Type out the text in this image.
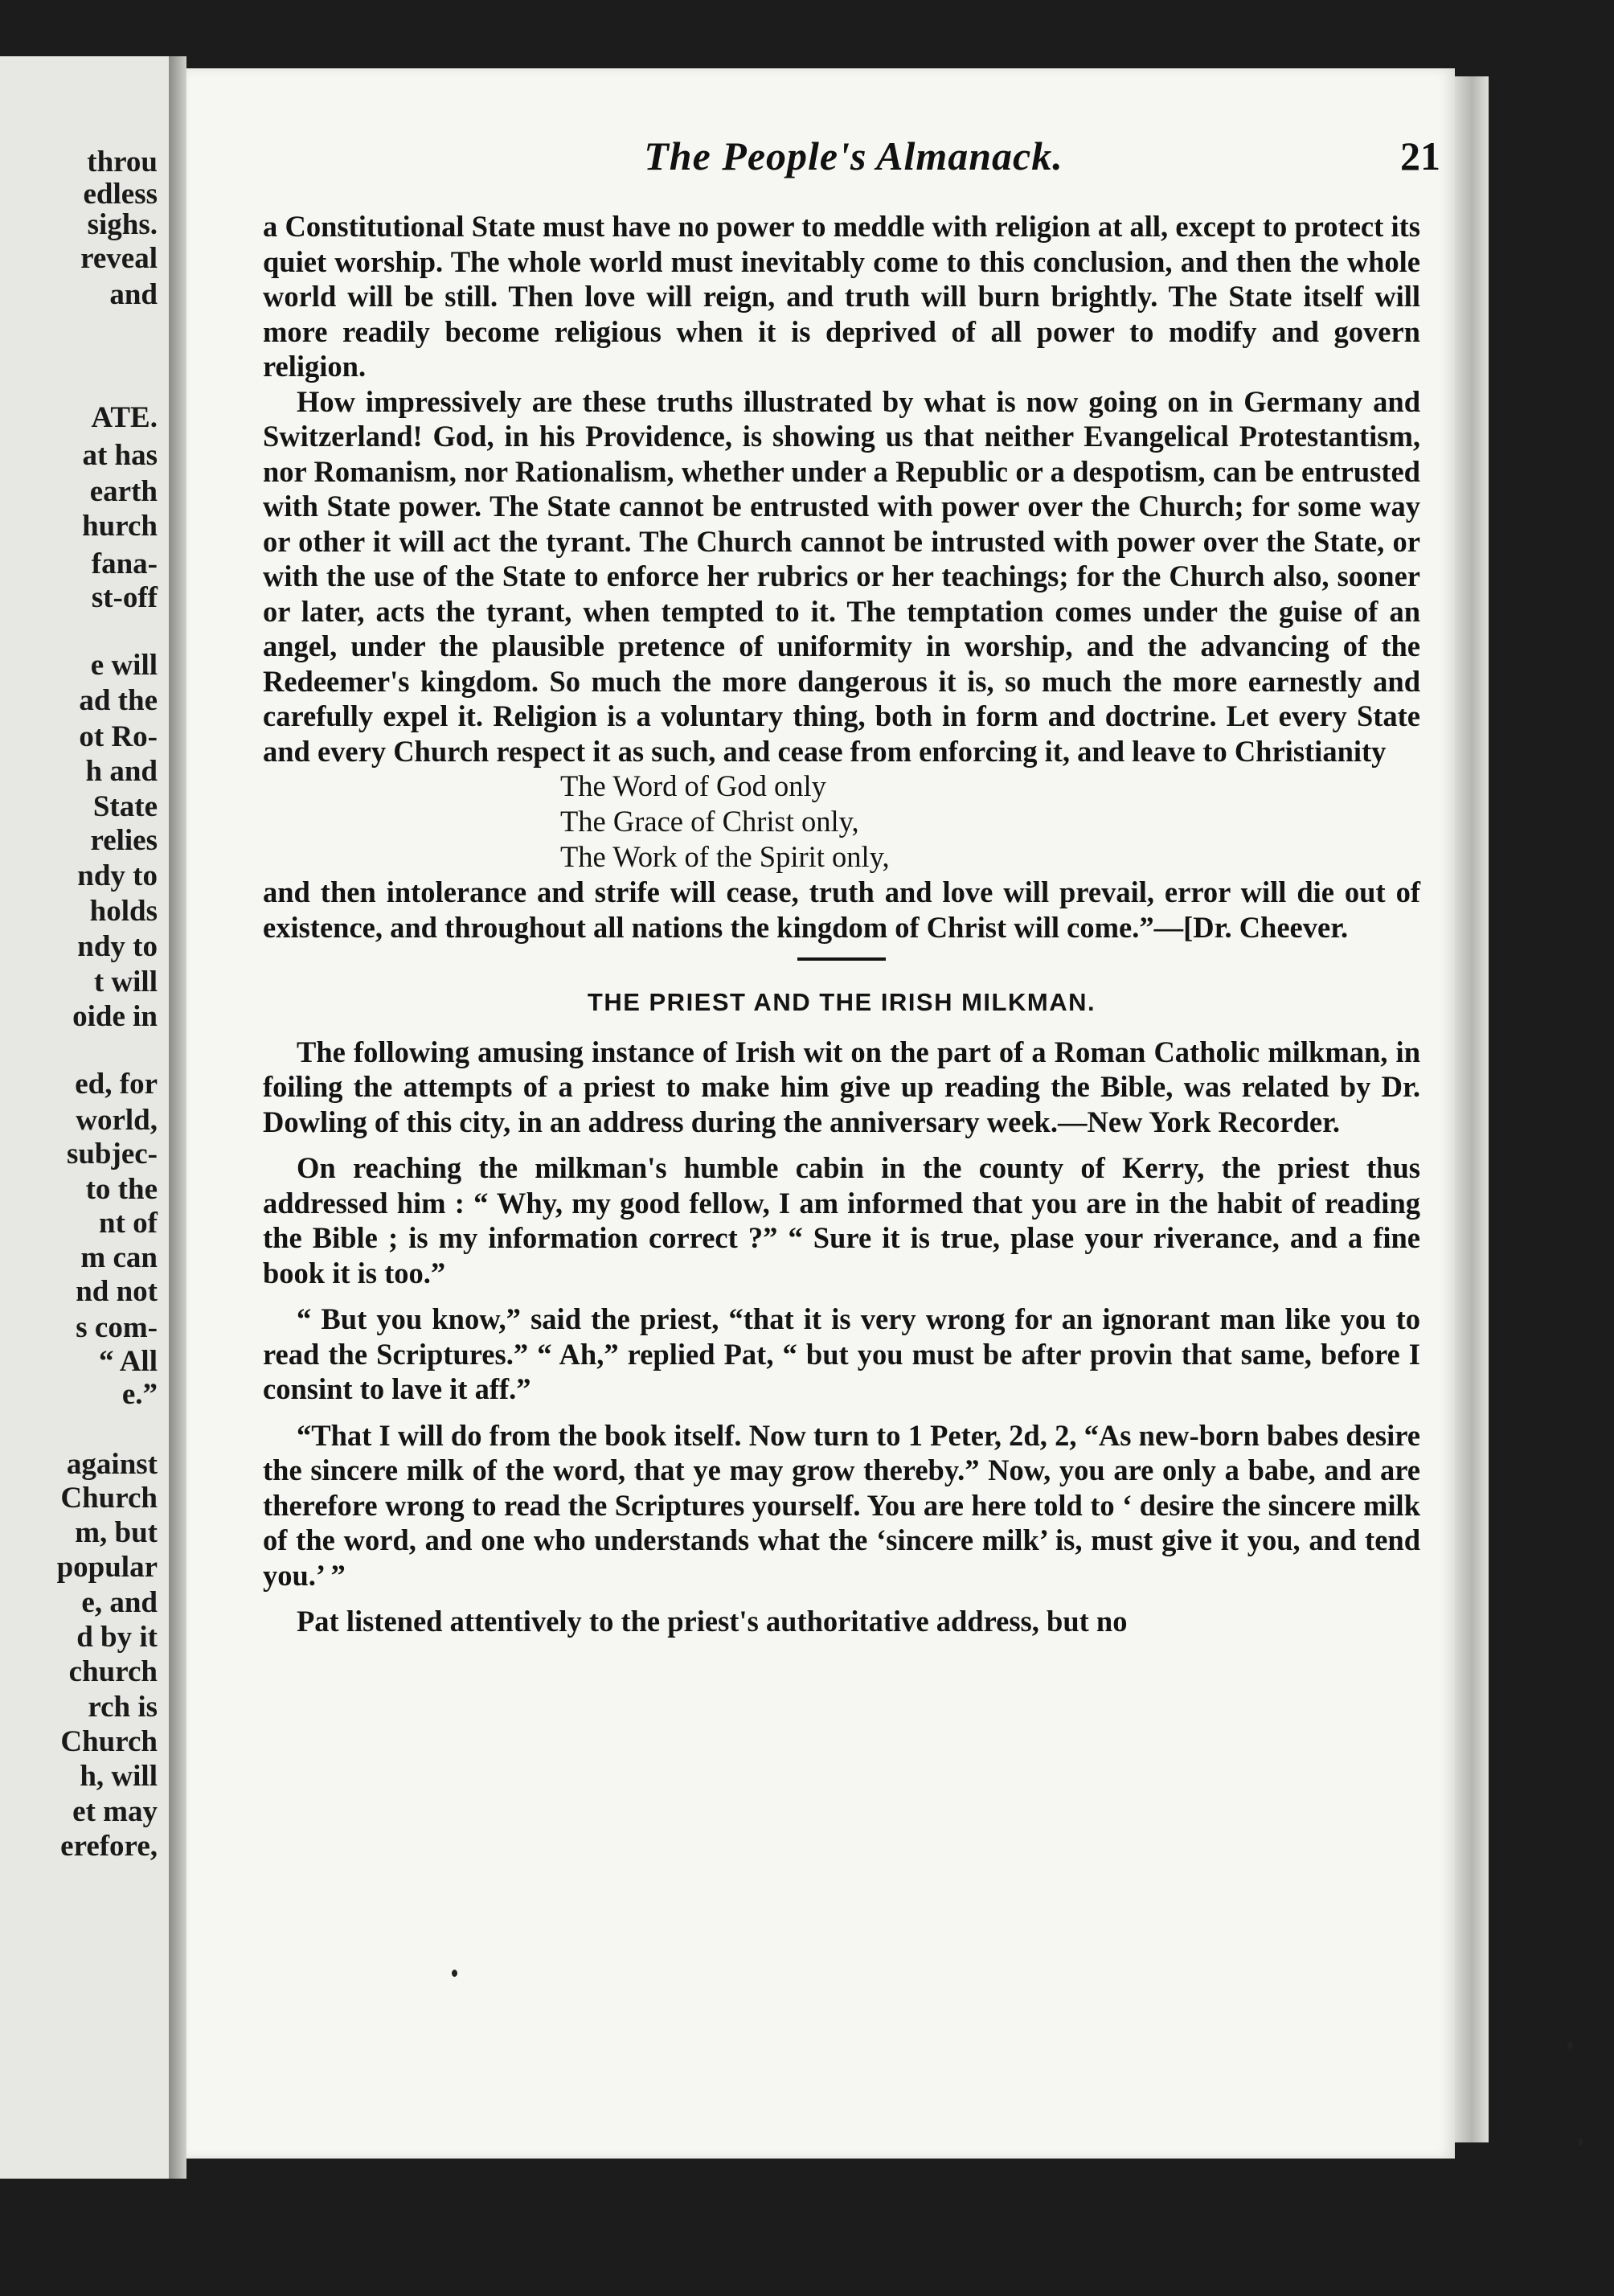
throu
edless
sighs.
reveal
and
ATE.
at has
earth
hurch
fana-
st-off
e will
ad the
ot Ro-
h and
State
relies
ndy to
holds
ndy to
t will
oide in
ed, for
world,
subjec-
to the
nt of
m can
nd not
s com-
“ All
e.”
against
Church
m, but
popular
e, and
d by it
church
rch is
Church
h, will
et may
erefore,
The People's Almanack.	21

a Constitutional State must have no power to meddle with religion at all, except to protect its quiet worship. The whole world must inevitably come to this conclusion, and then the whole world will be still. Then love will reign, and truth will burn brightly. The State itself will more readily become religious when it is deprived of all power to modify and govern religion.

How impressively are these truths illustrated by what is now going on in Germany and Switzerland! God, in his Providence, is showing us that neither Evangelical Protestantism, nor Romanism, nor Rationalism, whether under a Republic or a despotism, can be entrusted with State power. The State cannot be entrusted with power over the Church; for some way or other it will act the tyrant. The Church cannot be intrusted with power over the State, or with the use of the State to enforce her rubrics or her teachings; for the Church also, sooner or later, acts the tyrant, when tempted to it. The temptation comes under the guise of an angel, under the plausible pretence of uniformity in worship, and the advancing of the Redeemer's kingdom. So much the more dangerous it is, so much the more earnestly and carefully expel it. Religion is a voluntary thing, both in form and doctrine. Let every State and every Church respect it as such, and cease from enforcing it, and leave to Christianity

The Word of God only
The Grace of Christ only,
The Work of the Spirit only,

and then intolerance and strife will cease, truth and love will prevail, error will die out of existence, and throughout all nations the kingdom of Christ will come.”—[Dr. Cheever.

THE PRIEST AND THE IRISH MILKMAN.

The following amusing instance of Irish wit on the part of a Roman Catholic milkman, in foiling the attempts of a priest to make him give up reading the Bible, was related by Dr. Dowling of this city, in an address during the anniversary week.—New York Recorder.

On reaching the milkman's humble cabin in the county of Kerry, the priest thus addressed him : “ Why, my good fellow, I am informed that you are in the habit of reading the Bible ; is my information correct ?” “ Sure it is true, plase your riverance, and a fine book it is too.”

“ But you know,” said the priest, “that it is very wrong for an ignorant man like you to read the Scriptures.” “ Ah,” replied Pat, “ but you must be after provin that same, before I consint to lave it aff.”

“That I will do from the book itself. Now turn to 1 Peter, 2d, 2, “As new-born babes desire the sincere milk of the word, that ye may grow thereby.” Now, you are only a babe, and are therefore wrong to read the Scriptures yourself. You are here told to ‘ desire the sincere milk of the word, and one who understands what the ‘sincere milk’ is, must give it you, and tend you.’ ”

Pat listened attentively to the priest's authoritative address, but no
